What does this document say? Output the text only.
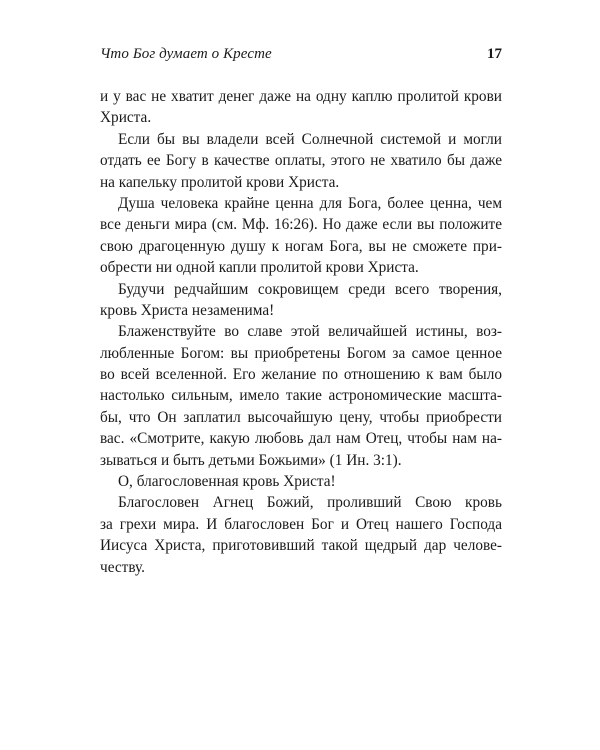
Что Бог думает о Кресте	17
и у вас не хватит денег даже на одну каплю пролитой крови
Христа.
Если бы вы владели всей Солнечной системой и могли
отдать ее Богу в качестве оплаты, этого не хватило бы даже
на капельку пролитой крови Христа.
Душа человека крайне ценна для Бога, более ценна, чем
все деньги мира (см. Мф. 16:26). Но даже если вы положите
свою драгоценную душу к ногам Бога, вы не сможете при-
обрести ни одной капли пролитой крови Христа.
Будучи редчайшим сокровищем среди всего творения,
кровь Христа незаменима!
Блаженствуйте во славе этой величайшей истины, воз-
любленные Богом: вы приобретены Богом за самое ценное
во всей вселенной. Его желание по отношению к вам было
настолько сильным, имело такие астрономические масшта-
бы, что Он заплатил высочайшую цену, чтобы приобрести
вас. «Смотрите, какую любовь дал нам Отец, чтобы нам на-
зываться и быть детьми Божьими» (1 Ин. 3:1).
О, благословенная кровь Христа!
Благословен Агнец Божий, проливший Свою кровь
за грехи мира. И благословен Бог и Отец нашего Господа
Иисуса Христа, приготовивший такой щедрый дар челове-
честву.
